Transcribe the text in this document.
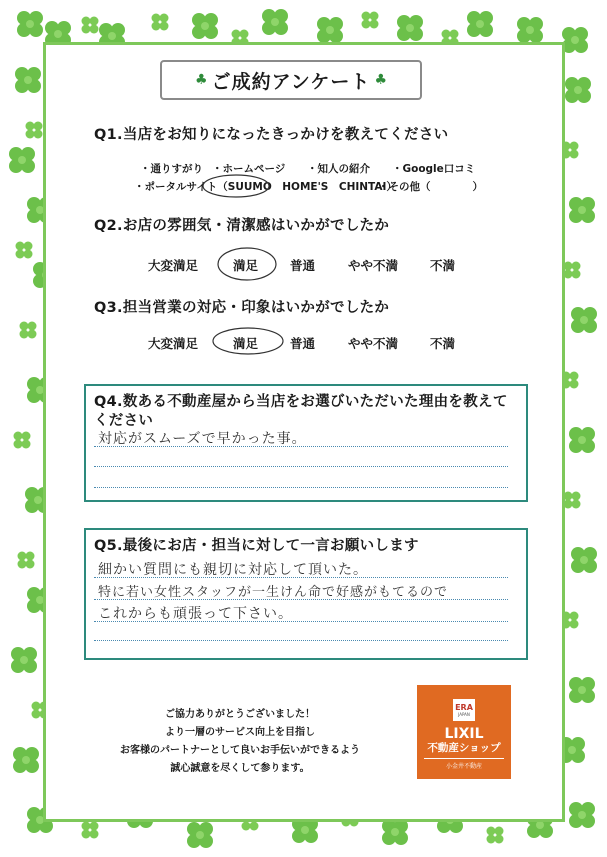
♣ ご成約アンケート ♣
Q1.当店をお知りになったきっかけを教えてください
・通りすがり ・ホームページ ・知人の紹介 ・Google口コミ
・ポータルサイト（SUUMO　HOME'S　CHINTAI）
・その他（　　　　）
Q2.お店の雰囲気・清潔感はいかがでしたか
大変満足	満足	普通	やや不満	不満
Q3.担当営業の対応・印象はいかがでしたか
大変満足	満足	普通	やや不満	不満
Q4.数ある不動産屋から当店をお選びいただいた理由を教えて
ください
対応がスムーズで早かった事。
Q5.最後にお店・担当に対して一言お願いします
細かい質問にも親切に対応して頂いた。
特に若い女性スタッフが一生けん命で好感がもてるので
これからも頑張って下さい。
ご協力ありがとうございました！
より一層のサービス向上を目指し
お客様のパートナーとして良いお手伝いができるよう
誠心誠意を尽くして参ります。
ERA
JAPAN
LIXIL
不動産ショップ
小金井不動産
